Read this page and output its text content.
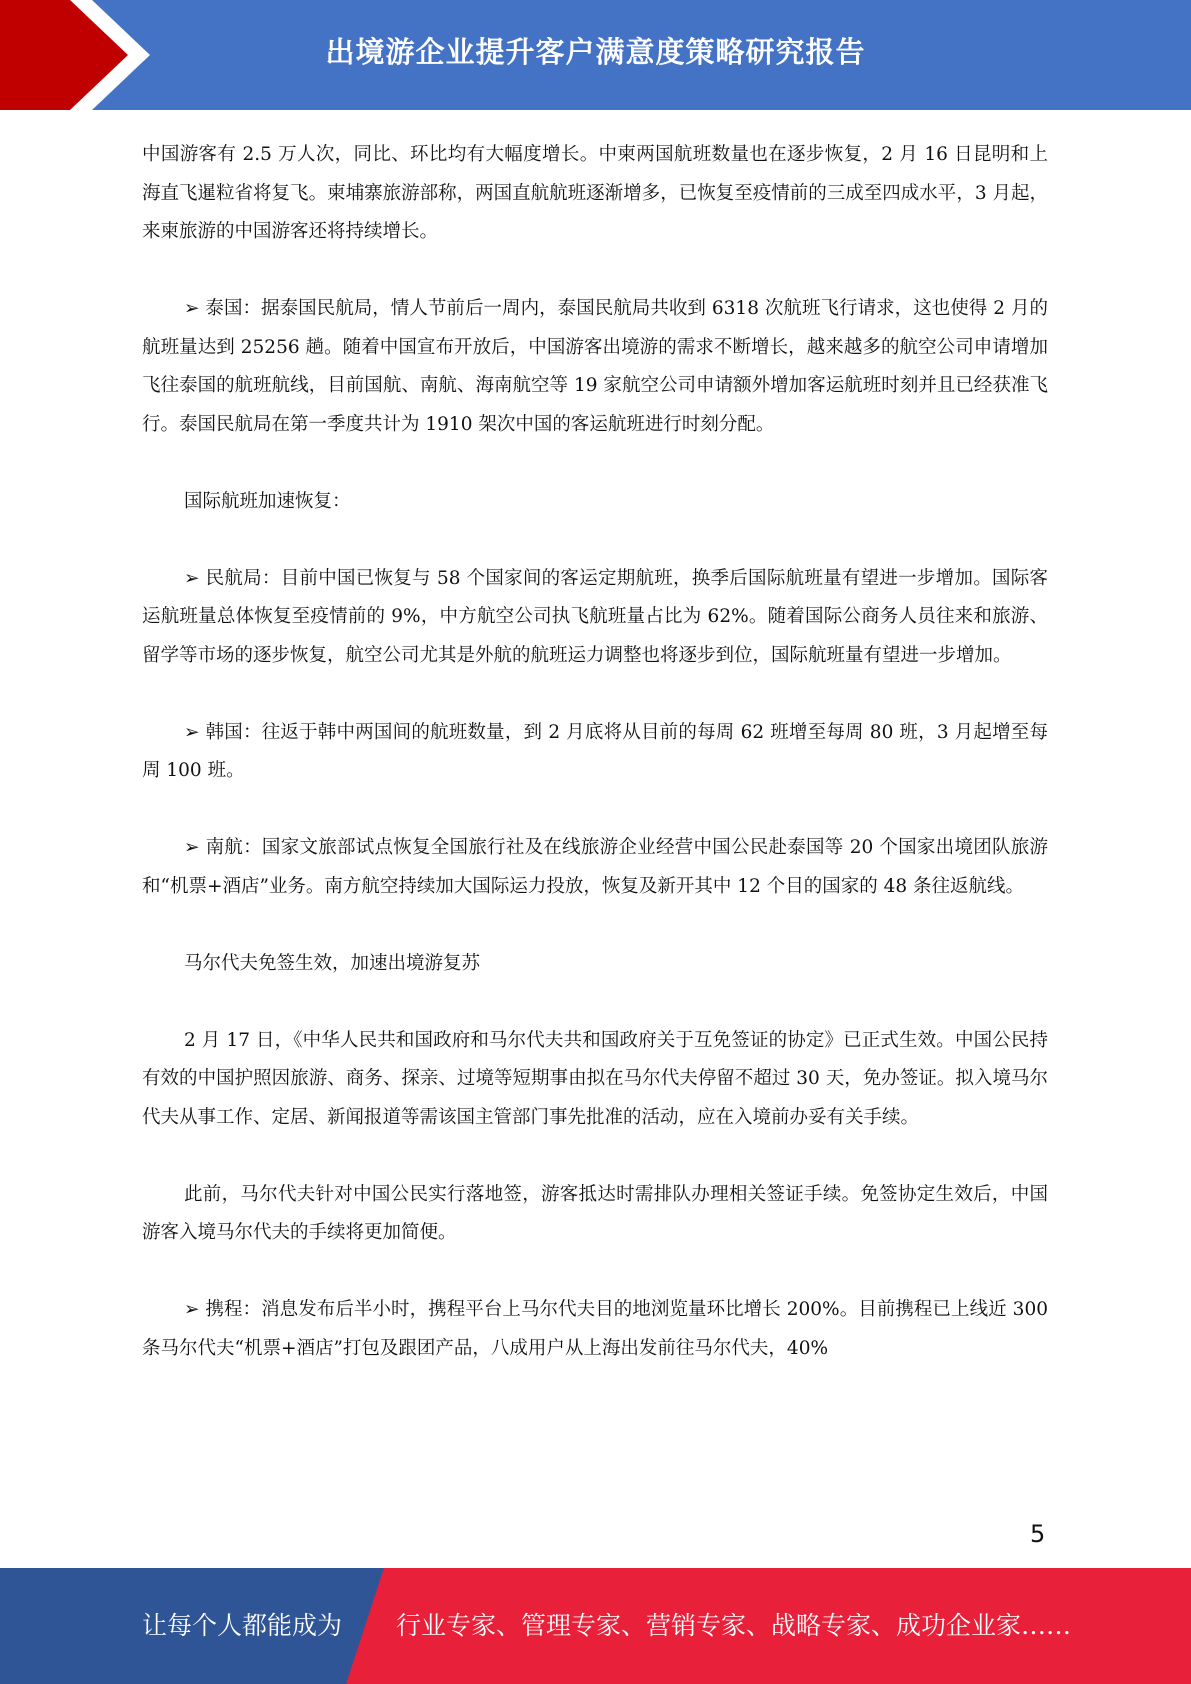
出境游企业提升客户满意度策略研究报告

中国游客有 2.5 万人次，同比、环比均有大幅度增长。中柬两国航班数量也在逐步恢复，2 月 16 日昆明和上海直飞暹粒省将复飞。柬埔寨旅游部称，两国直航航班逐渐增多，已恢复至疫情前的三成至四成水平，3 月起，来柬旅游的中国游客还将持续增长。

➢ 泰国：据泰国民航局，情人节前后一周内，泰国民航局共收到 6318 次航班飞行请求，这也使得 2 月的航班量达到 25256 趟。随着中国宣布开放后，中国游客出境游的需求不断增长，越来越多的航空公司申请增加飞往泰国的航班航线，目前国航、南航、海南航空等 19 家航空公司申请额外增加客运航班时刻并且已经获准飞行。泰国民航局在第一季度共计为 1910 架次中国的客运航班进行时刻分配。

国际航班加速恢复：

➢ 民航局：目前中国已恢复与 58 个国家间的客运定期航班，换季后国际航班量有望进一步增加。国际客运航班量总体恢复至疫情前的 9%，中方航空公司执飞航班量占比为 62%。随着国际公商务人员往来和旅游、留学等市场的逐步恢复，航空公司尤其是外航的航班运力调整也将逐步到位，国际航班量有望进一步增加。

➢ 韩国：往返于韩中两国间的航班数量，到 2 月底将从目前的每周 62 班增至每周 80 班，3 月起增至每周 100 班。

➢ 南航：国家文旅部试点恢复全国旅行社及在线旅游企业经营中国公民赴泰国等 20 个国家出境团队旅游和“机票+酒店”业务。南方航空持续加大国际运力投放，恢复及新开其中 12 个目的国家的 48 条往返航线。

马尔代夫免签生效，加速出境游复苏

2 月 17 日，《中华人民共和国政府和马尔代夫共和国政府关于互免签证的协定》已正式生效。中国公民持有效的中国护照因旅游、商务、探亲、过境等短期事由拟在马尔代夫停留不超过 30 天，免办签证。拟入境马尔代夫从事工作、定居、新闻报道等需该国主管部门事先批准的活动，应在入境前办妥有关手续。

此前，马尔代夫针对中国公民实行落地签，游客抵达时需排队办理相关签证手续。免签协定生效后，中国游客入境马尔代夫的手续将更加简便。

➢ 携程：消息发布后半小时，携程平台上马尔代夫目的地浏览量环比增长 200%。目前携程已上线近 300 条马尔代夫“机票+酒店”打包及跟团产品，八成用户从上海出发前往马尔代夫，40%

5
让每个人都能成为 行业专家、管理专家、营销专家、战略专家、成功企业家……
